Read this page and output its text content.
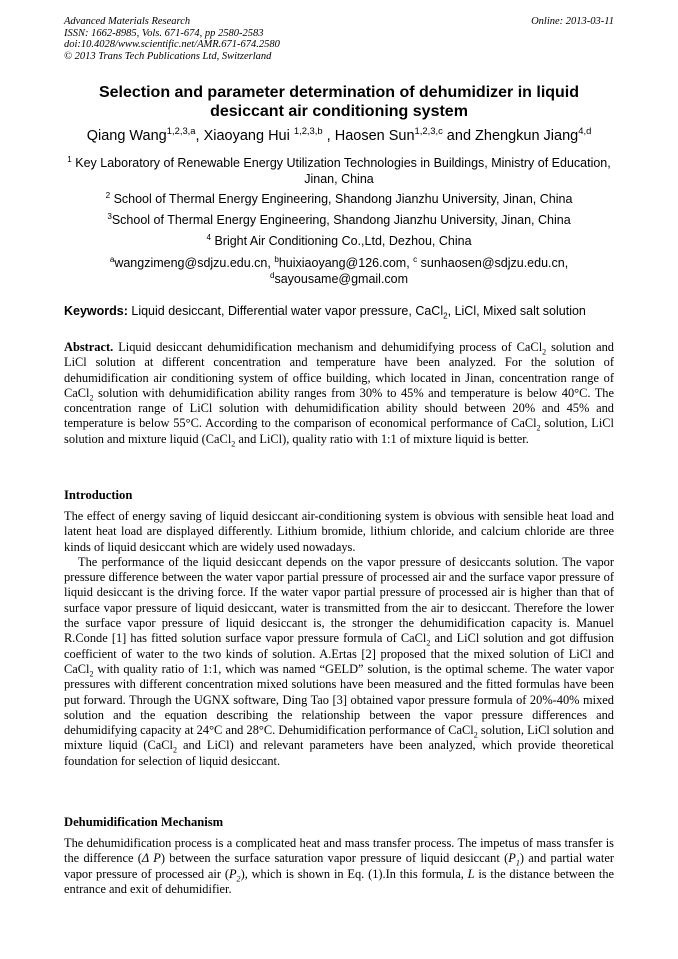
Advanced Materials Research
ISSN: 1662-8985, Vols. 671-674, pp 2580-2583
doi:10.4028/www.scientific.net/AMR.671-674.2580
© 2013 Trans Tech Publications Ltd, Switzerland
Online: 2013-03-11
Selection and parameter determination of dehumidizer in liquid
desiccant air conditioning system
Qiang Wang$^{1,2,3,a}$, Xiaoyang Hui $^{1,2,3,b}$ , Haosen Sun$^{1,2,3,c}$ and Zhengkun Jiang$^{4,d}$
$^1$ Key Laboratory of Renewable Energy Utilization Technologies in Buildings, Ministry of Education,
Jinan, China
$^2$ School of Thermal Energy Engineering, Shandong Jianzhu University, Jinan, China
$^3$School of Thermal Energy Engineering, Shandong Jianzhu University, Jinan, China
$^4$ Bright Air Conditioning Co.,Ltd, Dezhou, China
$^a$wangzimeng@sdjzu.edu.cn, $^b$huixiaoyang@126.com, $^c$ sunhaosen@sdjzu.edu.cn,
$^d$sayousame@gmail.com
Keywords: Liquid desiccant, Differential water vapor pressure, CaCl$_2$, LiCl, Mixed salt solution
Abstract. Liquid desiccant dehumidification mechanism and dehumidifying process of CaCl$_2$ solution and LiCl solution at different concentration and temperature have been analyzed. For the solution of dehumidification air conditioning system of office building, which located in Jinan, concentration range of CaCl$_2$ solution with dehumidification ability ranges from 30% to 45% and temperature is below 40°C. The concentration range of LiCl solution with dehumidification ability should between 20% and 45% and temperature is below 55°C. According to the comparison of economical performance of CaCl$_2$ solution, LiCl solution and mixture liquid (CaCl$_2$ and LiCl), quality ratio with 1:1 of mixture liquid is better.
Introduction

The effect of energy saving of liquid desiccant air-conditioning system is obvious with sensible heat load and latent heat load are displayed differently. Lithium bromide, lithium chloride, and calcium chloride are three kinds of liquid desiccant which are widely used nowadays.

The performance of the liquid desiccant depends on the vapor pressure of desiccants solution. The vapor pressure difference between the water vapor partial pressure of processed air and the surface vapor pressure of liquid desiccant is the driving force. If the water vapor partial pressure of processed air is higher than that of surface vapor pressure of liquid desiccant, water is transmitted from the air to desiccant. Therefore the lower the surface vapor pressure of liquid desiccant is, the stronger the dehumidification capacity is. Manuel R.Conde [1] has fitted solution surface vapor pressure formula of CaCl$_2$ and LiCl solution and got diffusion coefficient of water to the two kinds of solution. A.Ertas [2] proposed that the mixed solution of LiCl and CaCl$_2$ with quality ratio of 1:1, which was named “GELD” solution, is the optimal scheme. The water vapor pressures with different concentration mixed solutions have been measured and the fitted formulas have been put forward. Through the UGNX software, Ding Tao [3] obtained vapor pressure formula of 20%-40% mixed solution and the equation describing the relationship between the vapor pressure differences and dehumidifying capacity at 24°C and 28°C. Dehumidification performance of CaCl$_2$ solution, LiCl solution and mixture liquid (CaCl$_2$ and LiCl) and relevant parameters have been analyzed, which provide theoretical foundation for selection of liquid desiccant.

Dehumidification Mechanism
The dehumidification process is a complicated heat and mass transfer process. The impetus of mass transfer is the difference (Δ P) between the surface saturation vapor pressure of liquid desiccant $(P_1)$ and partial water vapor pressure of processed air $(P_2)$, which is shown in Eq. (1).In this formula, L is the distance between the entrance and exit of dehumidifier.
